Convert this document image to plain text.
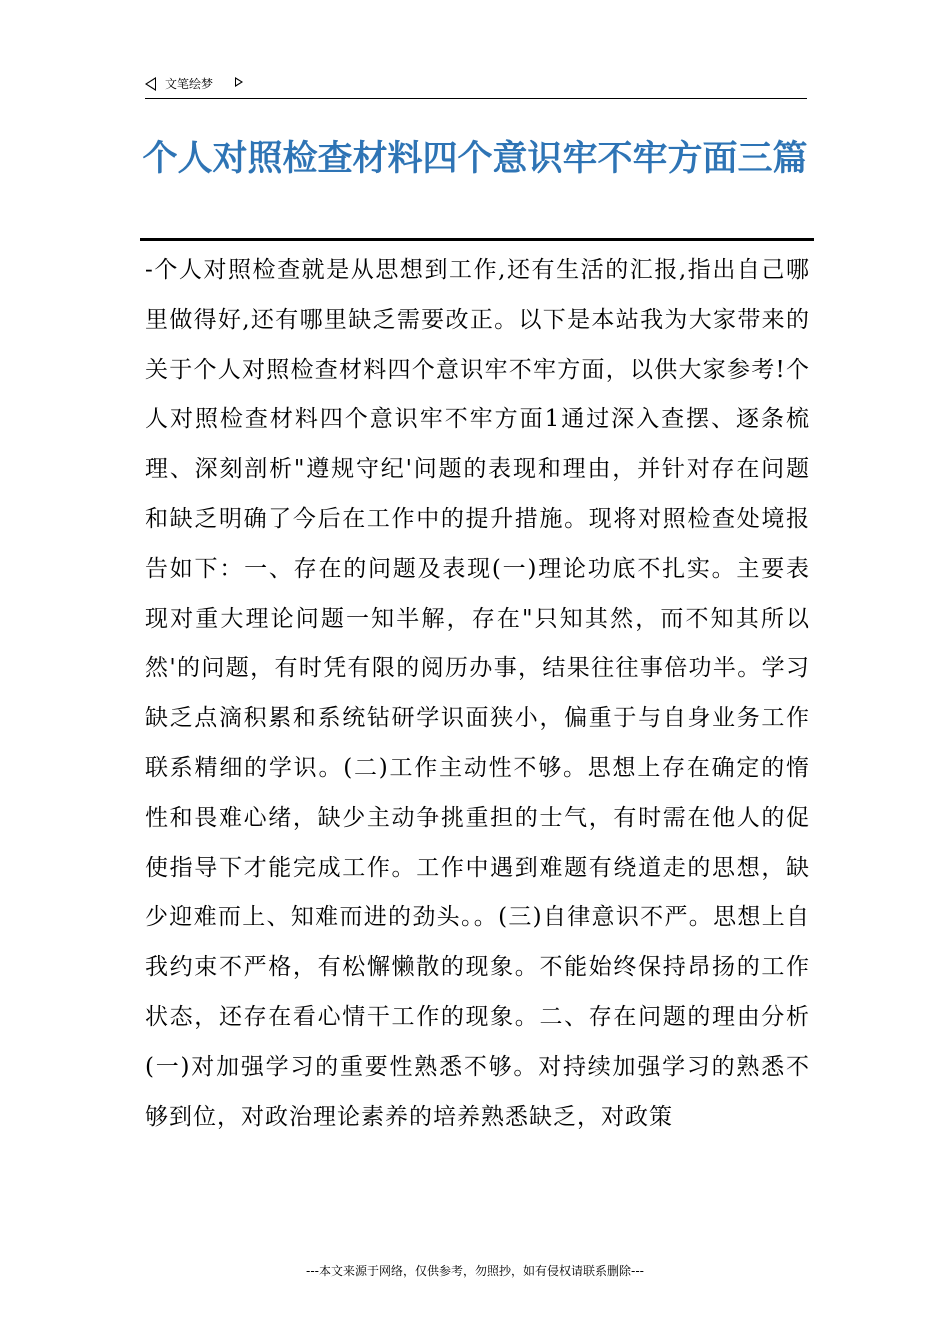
文笔绘梦
个人对照检查材料四个意识牢不牢方面三篇

-个人对照检查就是从思想到工作,还有生活的汇报,指出自己哪里做得好,还有哪里缺乏需要改正。以下是本站我为大家带来的关于个人对照检查材料四个意识牢不牢方面，以供大家参考!个人对照检查材料四个意识牢不牢方面1通过深入查摆、逐条梳理、深刻剖析"遵规守纪'问题的表现和理由，并针对存在问题和缺乏明确了今后在工作中的提升措施。现将对照检查处境报告如下：一、存在的问题及表现(一)理论功底不扎实。主要表现对重大理论问题一知半解，存在"只知其然，而不知其所以然'的问题，有时凭有限的阅历办事，结果往往事倍功半。学习缺乏点滴积累和系统钻研学识面狭小，偏重于与自身业务工作联系精细的学识。(二)工作主动性不够。思想上存在确定的惰性和畏难心绪，缺少主动争挑重担的士气，有时需在他人的促使指导下才能完成工作。工作中遇到难题有绕道走的思想，缺少迎难而上、知难而进的劲头。。(三)自律意识不严。思想上自我约束不严格，有松懈懒散的现象。不能始终保持昂扬的工作状态，还存在看心情干工作的现象。二、存在问题的理由分析(一)对加强学习的重要性熟悉不够。对持续加强学习的熟悉不够到位，对政治理论素养的培养熟悉缺乏，对政策

---本文来源于网络，仅供参考，勿照抄，如有侵权请联系删除---
